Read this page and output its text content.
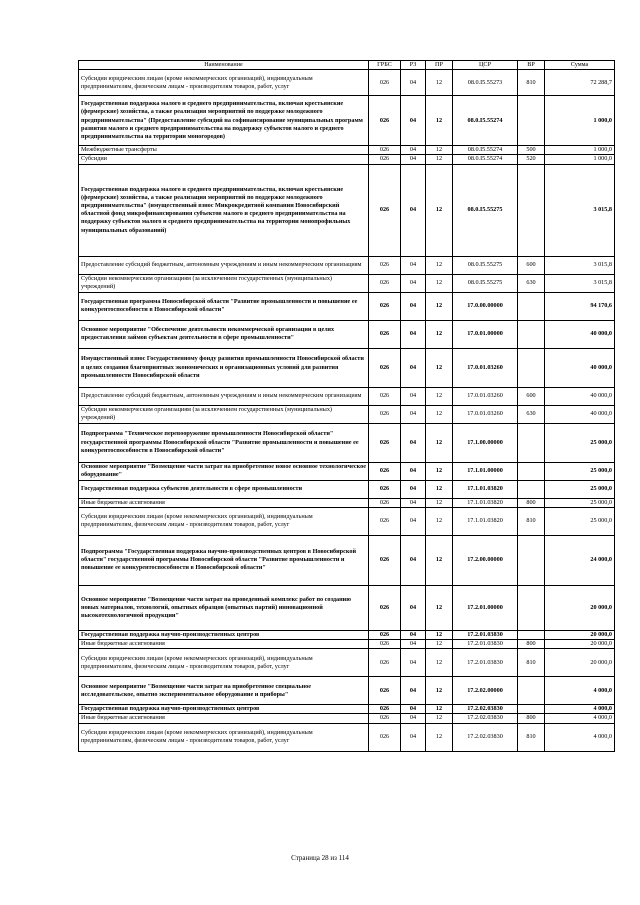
Наименование	ГРБС	РЗ	ПР	ЦСР	ВР	Сумма
Субсидии юридическим лицам (кроме некоммерческих организаций), индивидуальным предпринимателям, физическим лицам - производителям товаров, работ, услуг	026	04	12	08.0.I5.55273	810	72 288,7
Государственная поддержка малого и среднего предпринимательства, включая крестьянские (фермерские) хозяйства, а также реализация мероприятий по поддержке молодежного предпринимательства" (Предоставление субсидий на софинансирование муниципальных программ развития малого и среднего предпринимательства на поддержку субъектов малого и среднего предпринимательства на территории моногородов)	026	04	12	08.0.I5.55274		1 000,0
Межбюджетные трансферты	026	04	12	08.0.I5.55274	500	1 000,0
Субсидии	026	04	12	08.0.I5.55274	520	1 000,0
Государственная поддержка малого и среднего предпринимательства, включая крестьянские (фермерские) хозяйства, а также реализация мероприятий по поддержке молодежного предпринимательства" (имущественный взнос Микрокредитной компании Новосибирский областной фонд микрофинансирования субъектов малого и среднего предпринимательства на поддержку субъектов малого и среднего предпринимательства на территории монопрофильных муниципальных образований)	026	04	12	08.0.I5.55275		3 015,8
Предоставление субсидий бюджетным, автономным учреждениям и иным некоммерческим организациям	026	04	12	08.0.I5.55275	600	3 015,8
Субсидии некоммерческим организациям (за исключением государственных (муниципальных) учреждений)	026	04	12	08.0.I5.55275	630	3 015,8
Государственная программа Новосибирской области "Развитие промышленности и повышение ее конкурентоспособности в Новосибирской области"	026	04	12	17.0.00.00000		94 170,6
Основное мероприятие "Обеспечение деятельности некоммерческой организации в целях предоставления займов субъектам деятельности в сфере промышленности"	026	04	12	17.0.01.00000		40 000,0
Имущественный взнос Государственному фонду развития промышленности Новосибирской области в целях создания благоприятных экономических и организационных условий для развития промышленности Новосибирской области	026	04	12	17.0.01.03260		40 000,0
Предоставление субсидий бюджетным, автономным учреждениям и иным некоммерческим организациям	026	04	12	17.0.01.03260	600	40 000,0
Субсидии некоммерческим организациям (за исключением государственных (муниципальных) учреждений)	026	04	12	17.0.01.03260	630	40 000,0
Подпрограмма "Техническое перевооружение промышленности Новосибирской области" государственной программы Новосибирской области "Развитие промышленности и повышение ее конкурентоспособности в Новосибирской области"	026	04	12	17.1.00.00000		25 000,0
Основное мероприятие "Возмещение части затрат на приобретенное новое основное технологическое оборудование"	026	04	12	17.1.01.00000		25 000,0
Государственная поддержка субъектов деятельности в сфере промышленности	026	04	12	17.1.01.03820		25 000,0
Иные бюджетные ассигнования	026	04	12	17.1.01.03820	800	25 000,0
Субсидии юридическим лицам (кроме некоммерческих организаций), индивидуальным предпринимателям, физическим лицам - производителям товаров, работ, услуг	026	04	12	17.1.01.03820	810	25 000,0
Подпрограмма "Государственная поддержка научно-производственных центров в Новосибирской области" государственной программы Новосибирской области "Развитие промышленности и повышение ее конкурентоспособности в Новосибирской области"	026	04	12	17.2.00.00000		24 000,0
Основное мероприятие "Возмещение части затрат на проведенный комплекс работ по созданию новых материалов, технологий, опытных образцов (опытных партий) инновационной высокотехнологичной продукции"	026	04	12	17.2.01.00000		20 000,0
Государственная поддержка научно-производственных центров	026	04	12	17.2.01.03830		20 000,0
Иные бюджетные ассигнования	026	04	12	17.2.01.03830	800	20 000,0
Субсидии юридическим лицам (кроме некоммерческих организаций), индивидуальным предпринимателям, физическим лицам - производителям товаров, работ, услуг	026	04	12	17.2.01.03830	810	20 000,0
Основное мероприятие "Возмещение части затрат на приобретенное специальное исследовательское, опытно экспериментальное оборудование и приборы"	026	04	12	17.2.02.00000		4 000,0
Государственная поддержка научно-производственных центров	026	04	12	17.2.02.03830		4 000,0
Иные бюджетные ассигнования	026	04	12	17.2.02.03830	800	4 000,0
Субсидии юридическим лицам (кроме некоммерческих организаций), индивидуальным предпринимателям, физическим лицам - производителям товаров, работ, услуг	026	04	12	17.2.02.03830	810	4 000,0
Страница 28 из 114
